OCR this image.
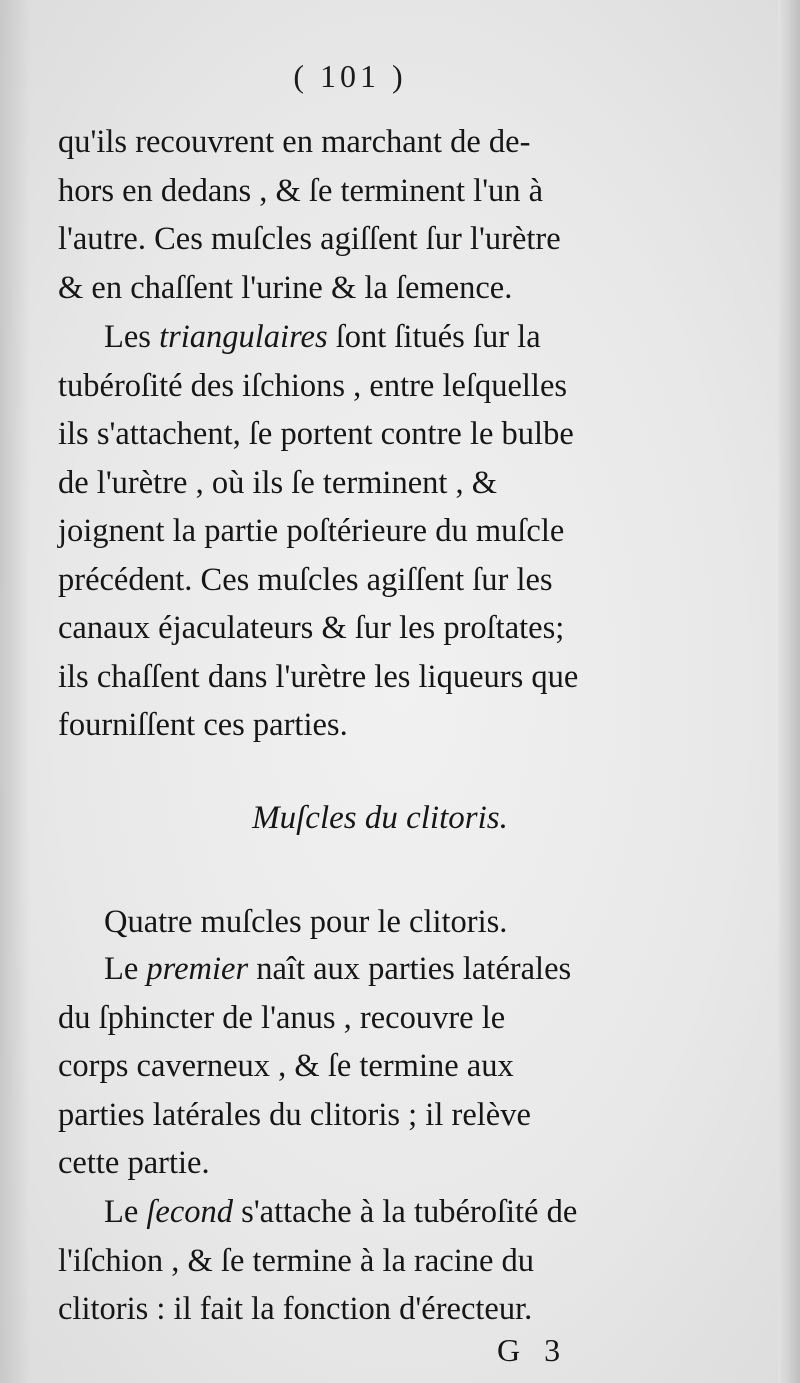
( 101 )
qu'ils recouvrent en marchant de de-
hors en dedans , & ſe terminent l'un à
l'autre. Ces muſcles agiſſent ſur l'urètre
& en chaſſent l'urine & la ſemence.
Les triangulaires ſont ſitués ſur la
tubéroſité des iſchions , entre leſquelles
ils s'attachent, ſe portent contre le bulbe
de l'urètre , où ils ſe terminent , &
joignent la partie poſtérieure du muſcle
précédent. Ces muſcles agiſſent ſur les
canaux éjaculateurs & ſur les proſtates;
ils chaſſent dans l'urètre les liqueurs que
fourniſſent ces parties.
Muſcles du clitoris.
Quatre muſcles pour le clitoris.
Le premier naît aux parties latérales
du ſphincter de l'anus , recouvre le
corps caverneux , & ſe termine aux
parties latérales du clitoris ; il relève
cette partie.
Le ſecond s'attache à la tubéroſité de
l'iſchion , & ſe termine à la racine du
clitoris : il fait la fonction d'érecteur.
G 3
